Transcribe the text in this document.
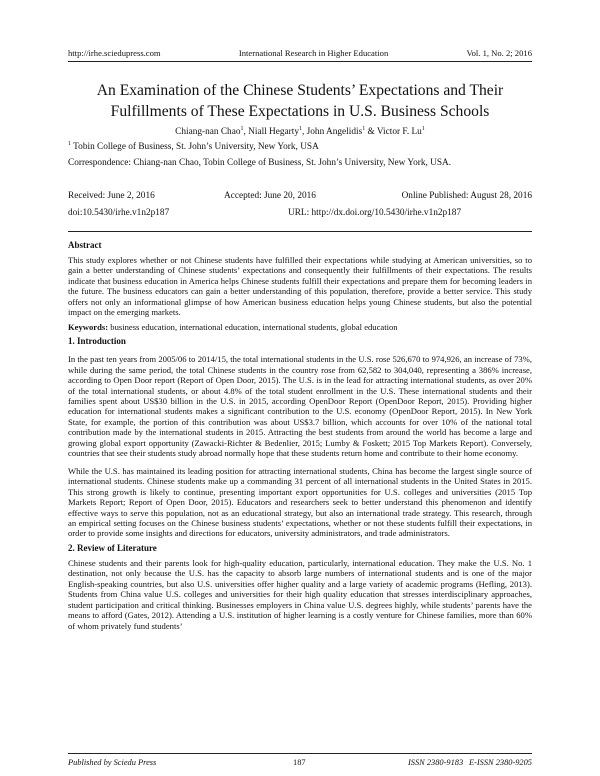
http://irhe.sciedupress.com	International Research in Higher Education	Vol. 1, No. 2; 2016
An Examination of the Chinese Students’ Expectations and Their
Fulfillments of These Expectations in U.S. Business Schools
Chiang-nan Chao$^1$, Niall Hegarty$^1$, John Angelidis$^1$ & Victor F. Lu$^1$
$^1$ Tobin College of Business, St. John’s University, New York, USA
Correspondence: Chiang-nan Chao, Tobin College of Business, St. John’s University, New York, USA.
Received: June 2, 2016	Accepted: June 20, 2016	Online Published: August 28, 2016
doi:10.5430/irhe.v1n2p187	URL: http://dx.doi.org/10.5430/irhe.v1n2p187
Abstract

This study explores whether or not Chinese students have fulfilled their expectations while studying at American universities, so to gain a better understanding of Chinese students’ expectations and consequently their fulfillments of their expectations. The results indicate that business education in America helps Chinese students fulfill their expectations and prepare them for becoming leaders in the future. The business educators can gain a better understanding of this population, therefore, provide a better service. This study offers not only an informational glimpse of how American business education helps young Chinese students, but also the potential impact on the emerging markets.

Keywords: business education, international education, international students, global education

1. Introduction

In the past ten years from 2005/06 to 2014/15, the total international students in the U.S. rose 526,670 to 974,926, an increase of 73%, while during the same period, the total Chinese students in the country rose from 62,582 to 304,040, representing a 386% increase, according to Open Door report (Report of Open Door, 2015). The U.S. is in the lead for attracting international students, as over 20% of the total international students, or about 4.8% of the total student enrollment in the U.S. These international students and their families spent about US$30 billion in the U.S. in 2015, according OpenDoor Report (OpenDoor Report, 2015). Providing higher education for international students makes a significant contribution to the U.S. economy (OpenDoor Report, 2015). In New York State, for example, the portion of this contribution was about US$3.7 billion, which accounts for over 10% of the national total contribution made by the international students in 2015. Attracting the best students from around the world has become a large and growing global export opportunity (Zawacki-Richter & Bedenlier, 2015; Lumby & Foskett; 2015 Top Markets Report). Conversely, countries that see their students study abroad normally hope that these students return home and contribute to their home economy.

While the U.S. has maintained its leading position for attracting international students, China has become the largest single source of international students. Chinese students make up a commanding 31 percent of all international students in the United States in 2015. This strong growth is likely to continue, presenting important export opportunities for U.S. colleges and universities (2015 Top Markets Report; Report of Open Door, 2015). Educators and researchers seek to better understand this phenomenon and identify effective ways to serve this population, not as an educational strategy, but also an international trade strategy. This research, through an empirical setting focuses on the Chinese business students’ expectations, whether or not these students fulfill their expectations, in order to provide some insights and directions for educators, university administrators, and trade administrators.

2. Review of Literature

Chinese students and their parents look for high-quality education, particularly, international education. They make the U.S. No. 1 destination, not only because the U.S. has the capacity to absorb large numbers of international students and is one of the major English-speaking countries, but also U.S. universities offer higher quality and a large variety of academic programs (Hefling, 2013). Students from China value U.S. colleges and universities for their high quality education that stresses interdisciplinary approaches, student participation and critical thinking. Businesses employers in China value U.S. degrees highly, while students’ parents have the means to afford (Gates, 2012). Attending a U.S. institution of higher learning is a costly venture for Chinese families, more than 60% of whom privately fund students’

Published by Sciedu Press	187	ISSN 2380-9183 E-ISSN 2380-9205
